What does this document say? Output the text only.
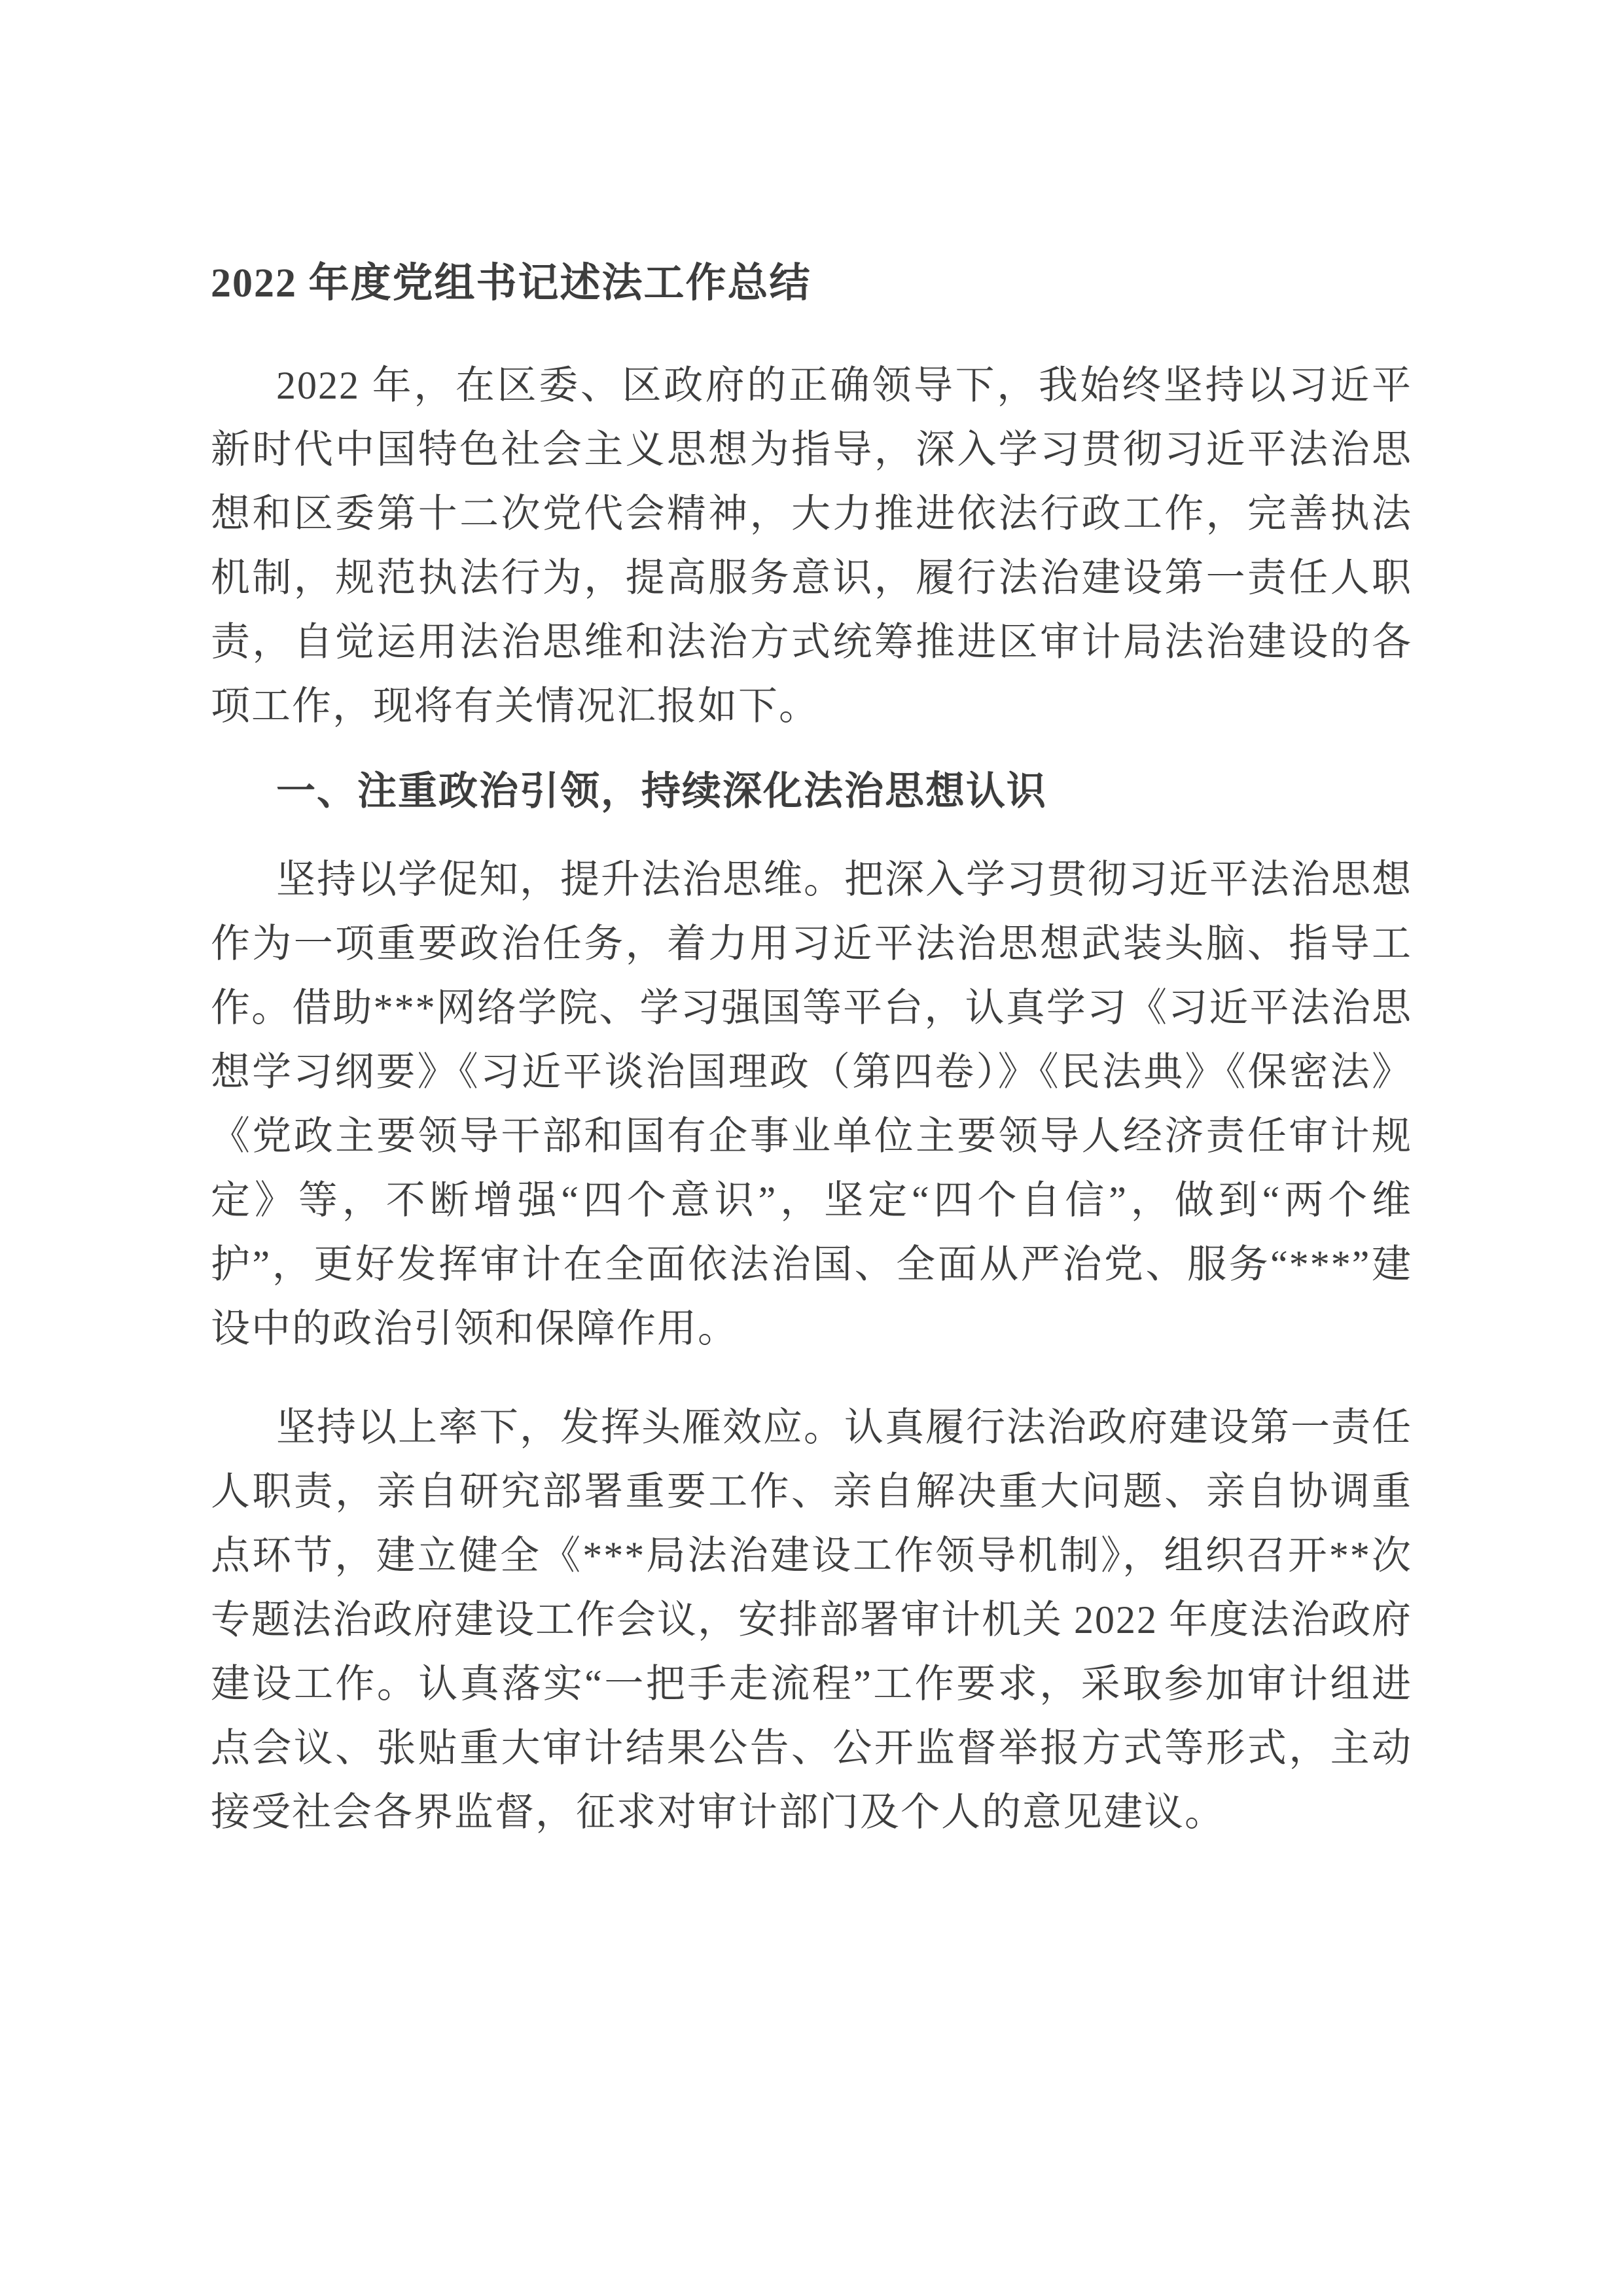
2022 年度党组书记述法工作总结

2022 年，在区委、区政府的正确领导下，我始终坚持以习近平新时代中国特色社会主义思想为指导，深入学习贯彻习近平法治思想和区委第十二次党代会精神，大力推进依法行政工作，完善执法机制，规范执法行为，提高服务意识，履行法治建设第一责任人职责，自觉运用法治思维和法治方式统筹推进区审计局法治建设的各项工作，现将有关情况汇报如下。

一、注重政治引领，持续深化法治思想认识

坚持以学促知，提升法治思维。把深入学习贯彻习近平法治思想作为一项重要政治任务，着力用习近平法治思想武装头脑、指导工作。借助***网络学院、学习强国等平台，认真学习《习近平法治思想学习纲要》《习近平谈治国理政（第四卷）》《民法典》《保密法》《党政主要领导干部和国有企事业单位主要领导人经济责任审计规定》等，不断增强“四个意识”，坚定“四个自信”，做到“两个维护”，更好发挥审计在全面依法治国、全面从严治党、服务“***”建设中的政治引领和保障作用。

坚持以上率下，发挥头雁效应。认真履行法治政府建设第一责任人职责，亲自研究部署重要工作、亲自解决重大问题、亲自协调重点环节，建立健全《***局法治建设工作领导机制》，组织召开**次专题法治政府建设工作会议，安排部署审计机关 2022 年度法治政府建设工作。认真落实“一把手走流程”工作要求，采取参加审计组进点会议、张贴重大审计结果公告、公开监督举报方式等形式，主动接受社会各界监督，征求对审计部门及个人的意见建议。
